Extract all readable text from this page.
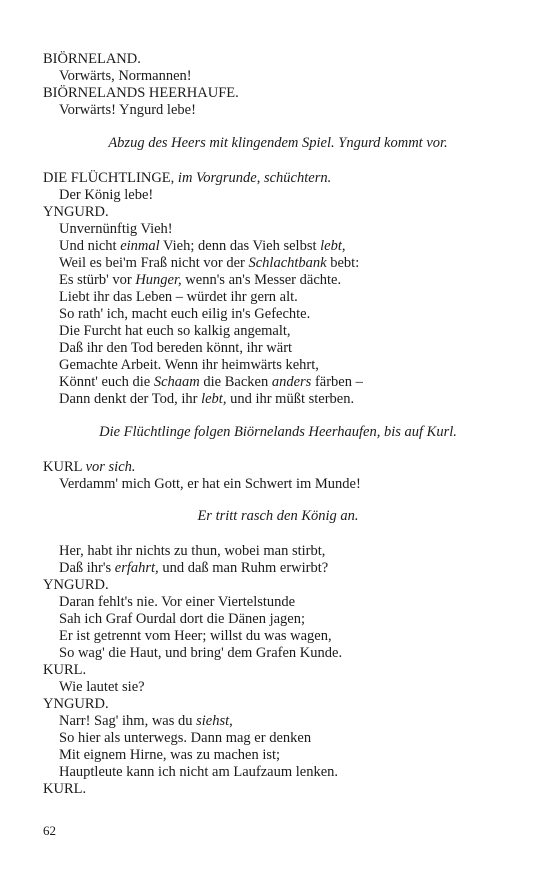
BIÖRNELAND.
Vorwärts, Normannen!
BIÖRNELANDS HEERHAUFE.
Vorwärts! Yngurd lebe!
Abzug des Heers mit klingendem Spiel. Yngurd kommt vor.
DIE FLÜCHTLINGE, im Vorgrunde, schüchtern.
Der König lebe!
YNGURD.
Unvernünftig Vieh!
Und nicht einmal Vieh; denn das Vieh selbst lebt,
Weil es bei'm Fraß nicht vor der Schlachtbank bebt:
Es stürb' vor Hunger, wenn's an's Messer dächte.
Liebt ihr das Leben – würdet ihr gern alt.
So rath' ich, macht euch eilig in's Gefechte.
Die Furcht hat euch so kalkig angemalt,
Daß ihr den Tod bereden könnt, ihr wärt
Gemachte Arbeit. Wenn ihr heimwärts kehrt,
Könnt' euch die Schaam die Backen anders färben –
Dann denkt der Tod, ihr lebt, und ihr müßt sterben.
Die Flüchtlinge folgen Biörnelands Heerhaufen, bis auf Kurl.
KURL vor sich.
Verdamm' mich Gott, er hat ein Schwert im Munde!
Er tritt rasch den König an.
Her, habt ihr nichts zu thun, wobei man stirbt,
Daß ihr's erfahrt, und daß man Ruhm erwirbt?
YNGURD.
Daran fehlt's nie. Vor einer Viertelstunde
Sah ich Graf Ourdal dort die Dänen jagen;
Er ist getrennt vom Heer; willst du was wagen,
So wag' die Haut, und bring' dem Grafen Kunde.
KURL.
Wie lautet sie?
YNGURD.
Narr! Sag' ihm, was du siehst,
So hier als unterwegs. Dann mag er denken
Mit eignem Hirne, was zu machen ist;
Hauptleute kann ich nicht am Laufzaum lenken.
KURL.
62
